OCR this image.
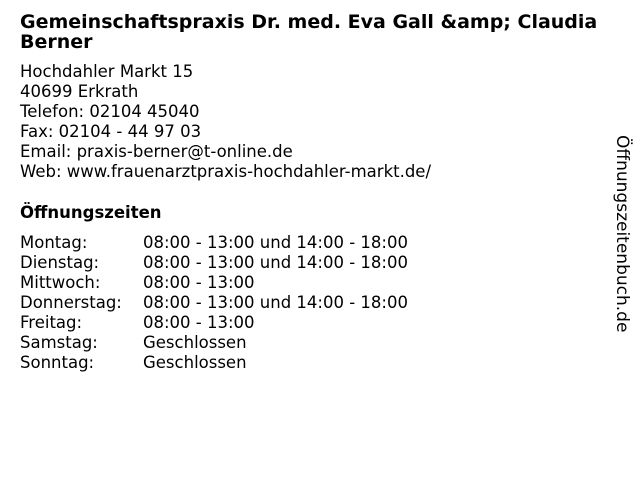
Gemeinschaftspraxis Dr. med. Eva Gall &amp; Claudia Berner
Hochdahler Markt 15
40699 Erkrath
Telefon: 02104 45040
Fax: 02104 - 44 97 03
Email: praxis-berner@t-online.de
Web: www.frauenarztpraxis-hochdahler-markt.de/
Öffnungszeiten
Montag:	08:00 - 13:00 und 14:00 - 18:00
Dienstag:	08:00 - 13:00 und 14:00 - 18:00
Mittwoch:	08:00 - 13:00
Donnerstag:	08:00 - 13:00 und 14:00 - 18:00
Freitag:	08:00 - 13:00
Samstag:	Geschlossen
Sonntag:	Geschlossen
Öffnungszeitenbuch.de
